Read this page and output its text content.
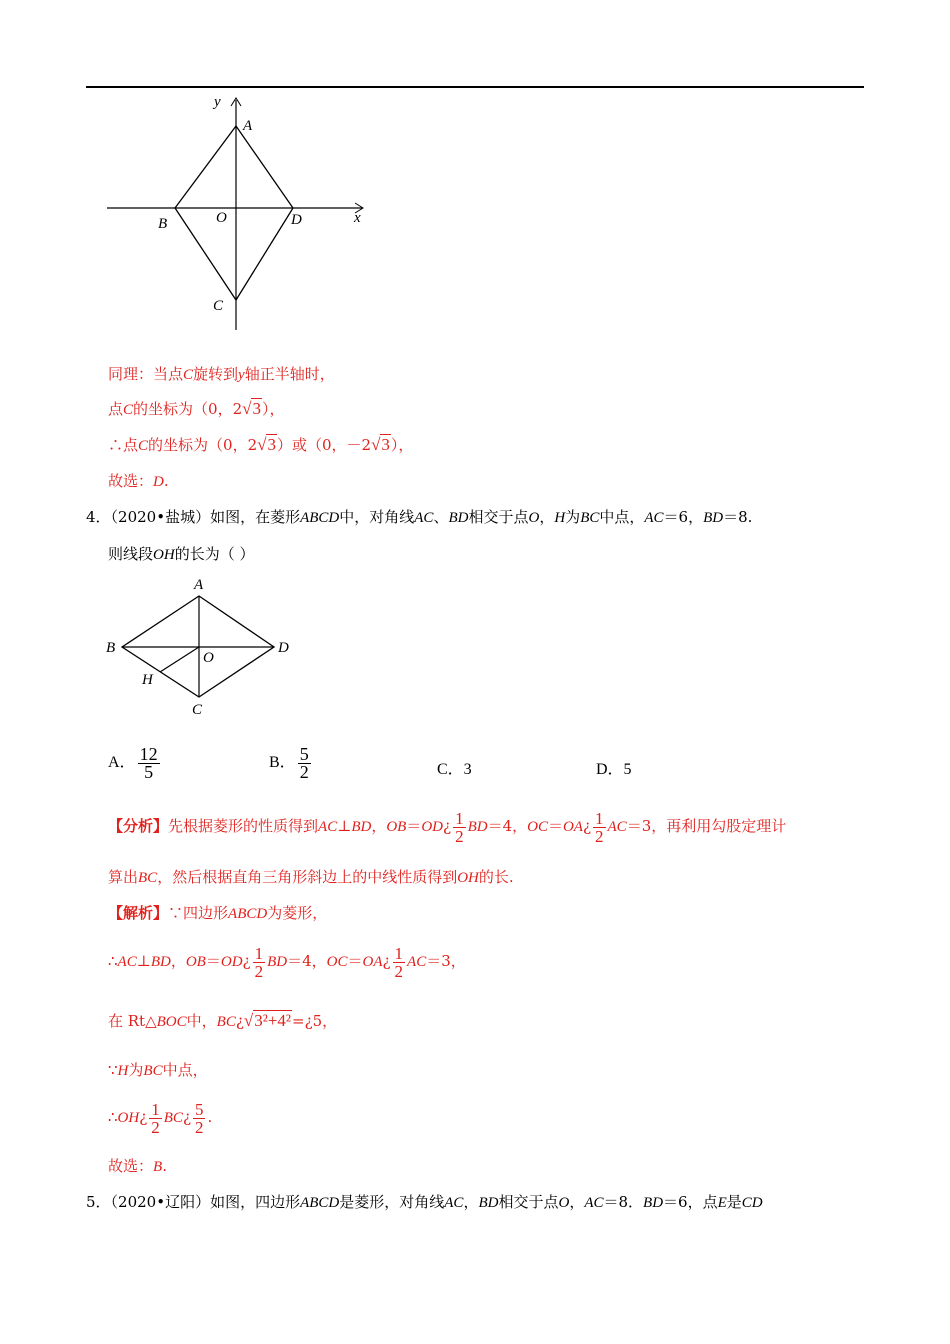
y
x
A
B	O	D
C
同理：当点C旋转到y轴正半轴时，
点C的坐标为（0，2√3），
∴点C的坐标为（0，2√3）或（0，－2√3），
故选：D.
4．（2020•盐城）如图，在菱形ABCD中，对角线AC、BD相交于点O，H为BC中点，AC＝6，BD＝8.
则线段OH的长为（ ）
A
B	D
O
H
C
A． $\frac{12}{5}$	B． $\frac{5}{2}$	C．3	D．5
【分析】先根据菱形的性质得到AC⊥BD，OB＝OD¿ $\frac{1}{2} BD=4$，OC＝OA¿ $\frac{1}{2} AC=3$，再利用勾股定理计
算出BC，然后根据直角三角形斜边上的中线性质得到OH的长.
【解析】∵四边形ABCD为菱形，
∴AC⊥BD，OB＝OD¿ $\frac{1}{2} BD=4$，OC＝OA¿ $\frac{1}{2} AC=3$，
在 Rt△BOC中，BC¿√3²+4²=¿5，
∵H为BC中点，
∴OH¿ $\frac{1}{2}$ BC¿ $\frac{5}{2}$ .
故选：B.
5．（2020•辽阳）如图，四边形ABCD是菱形，对角线AC，BD相交于点O，AC＝8．BD＝6，点E是CD
